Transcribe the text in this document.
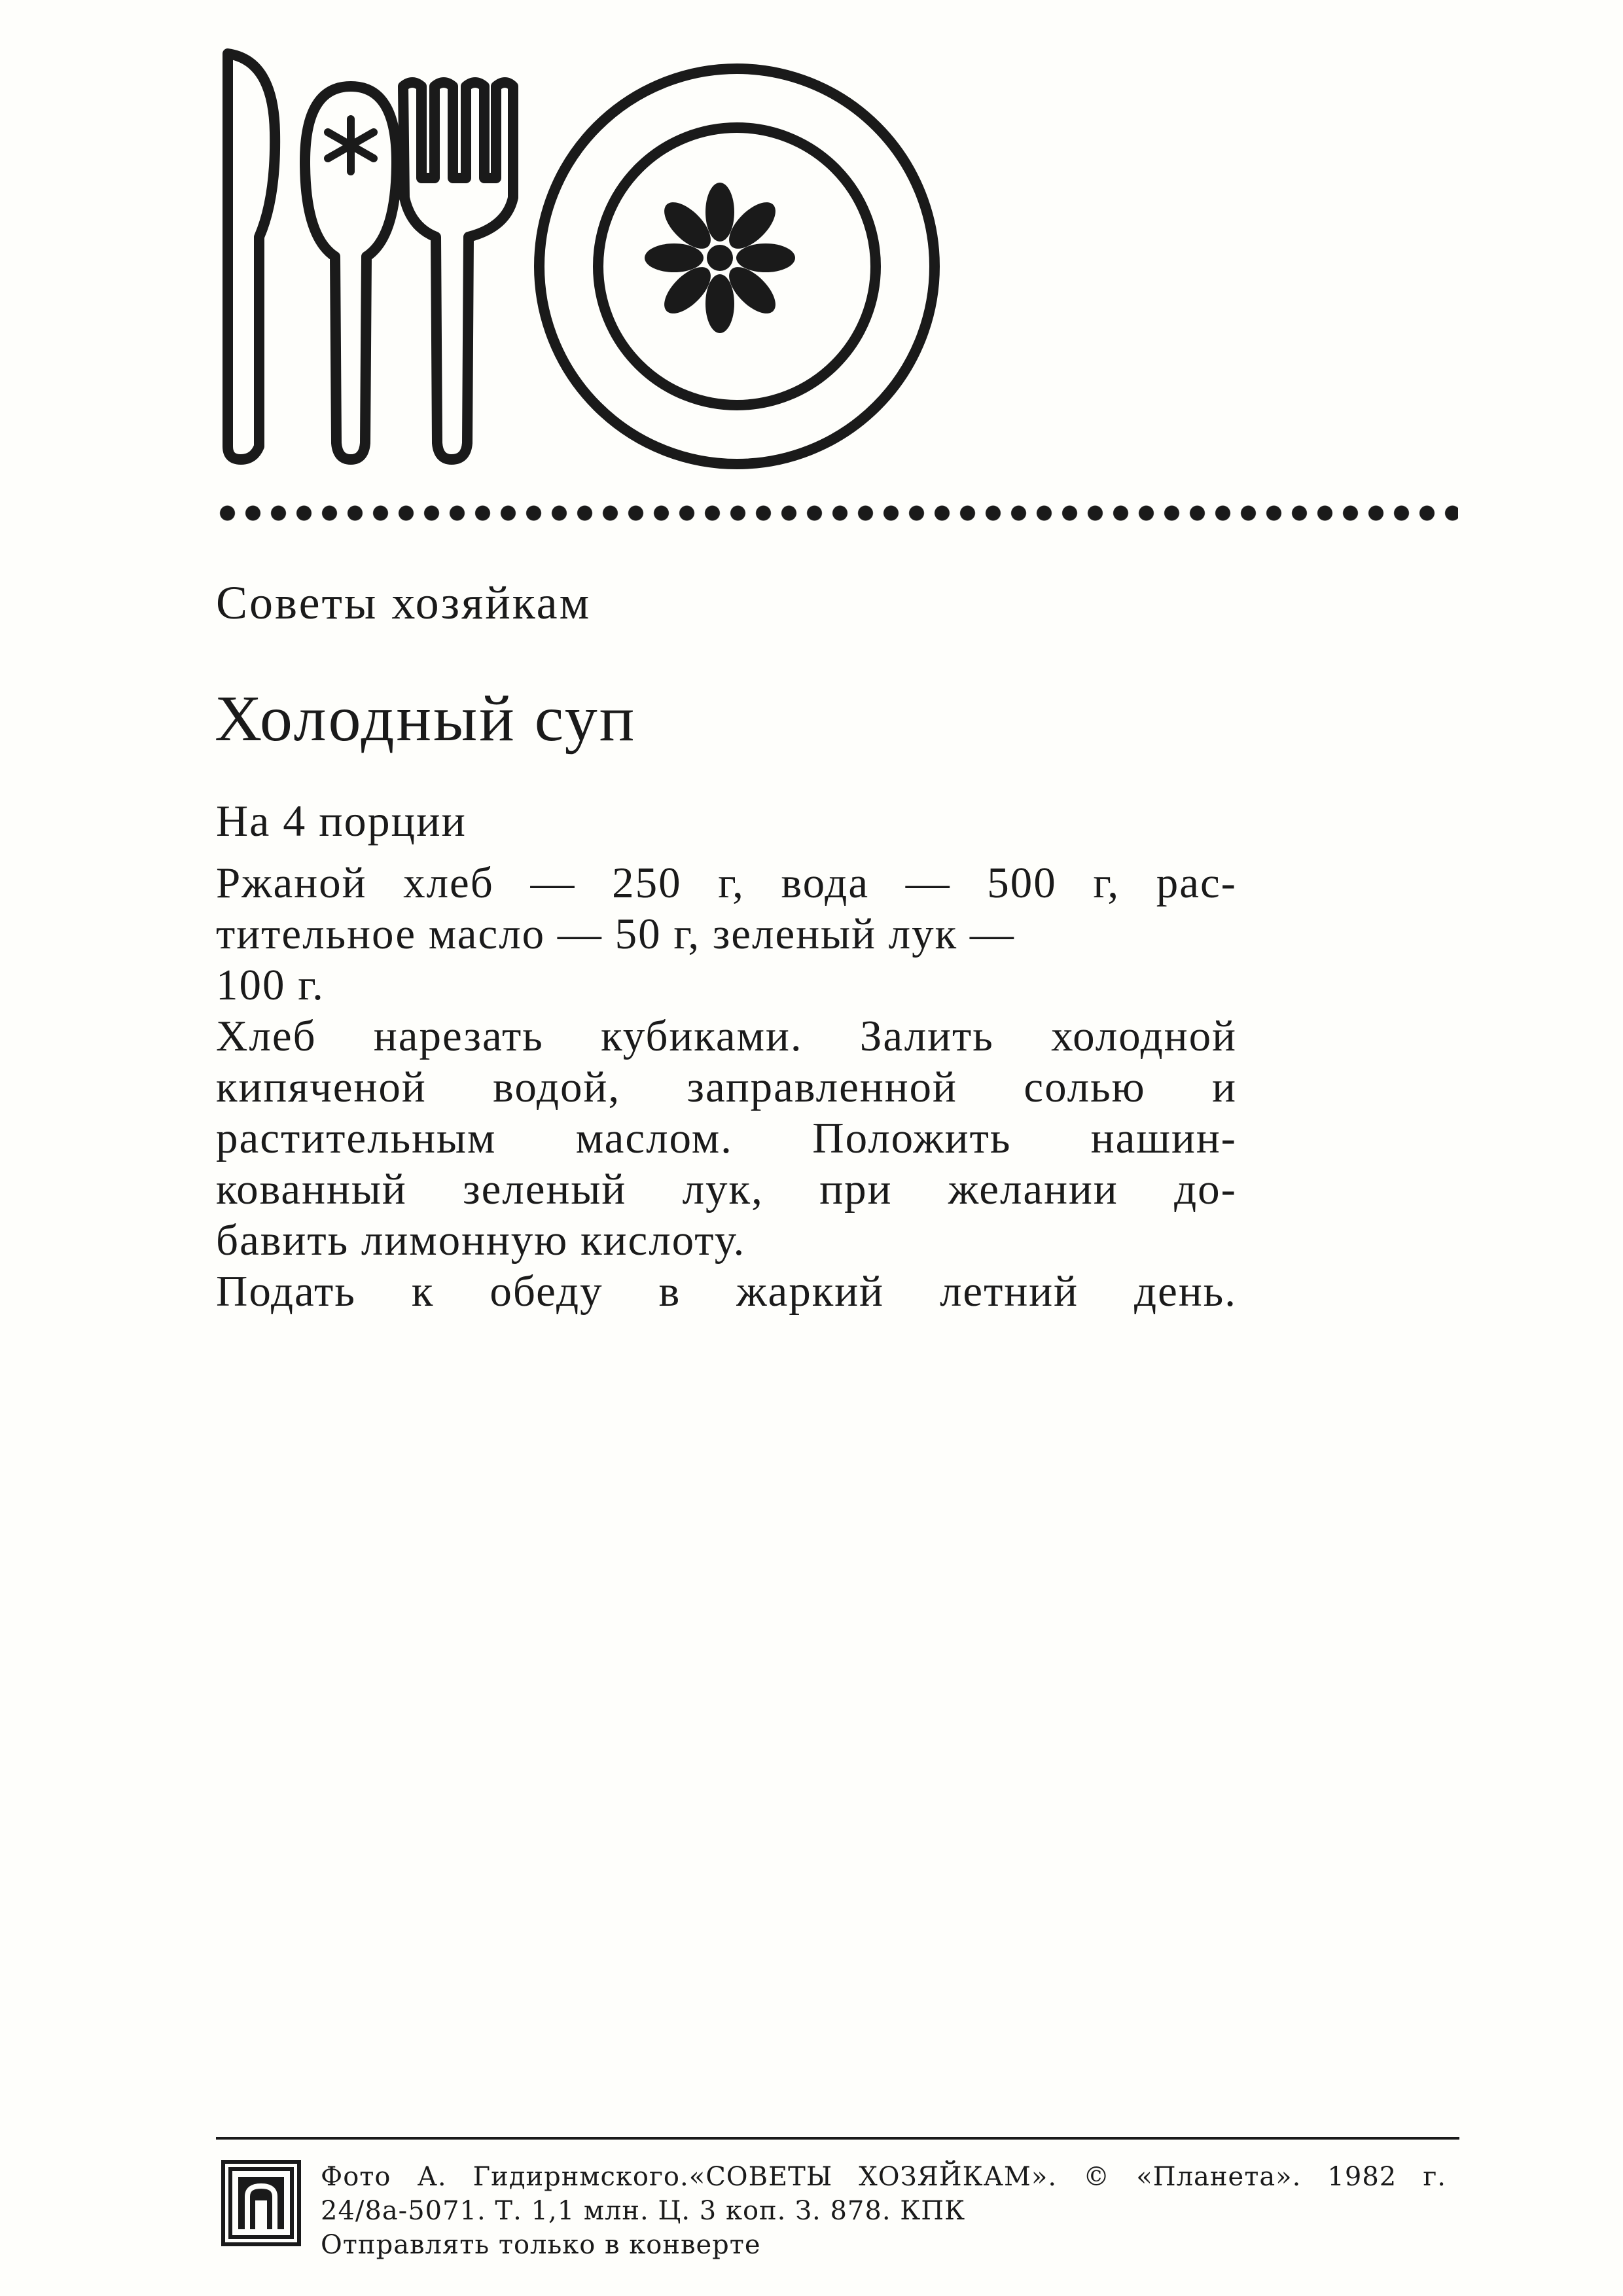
Советы хозяйкам
Холодный суп
На 4 порции
Ржаной хлеб — 250 г, вода — 500 г, рас-
тительное масло — 50 г, зеленый лук —
100 г.
Хлеб нарезать кубиками. Залить холодной
кипяченой водой, заправленной солью и
растительным маслом. Положить нашин-
кованный зеленый лук, при желании до-
бавить лимонную кислоту.
Подать к обеду в жаркий летний день.
Фото А. Гидирнмского.«СОВЕТЫ ХОЗЯЙКАМ». © «Планета». 1982 г.
24/8а-5071. Т. 1,1 млн. Ц. 3 коп. З. 878. КПК
Отправлять только в конверте
